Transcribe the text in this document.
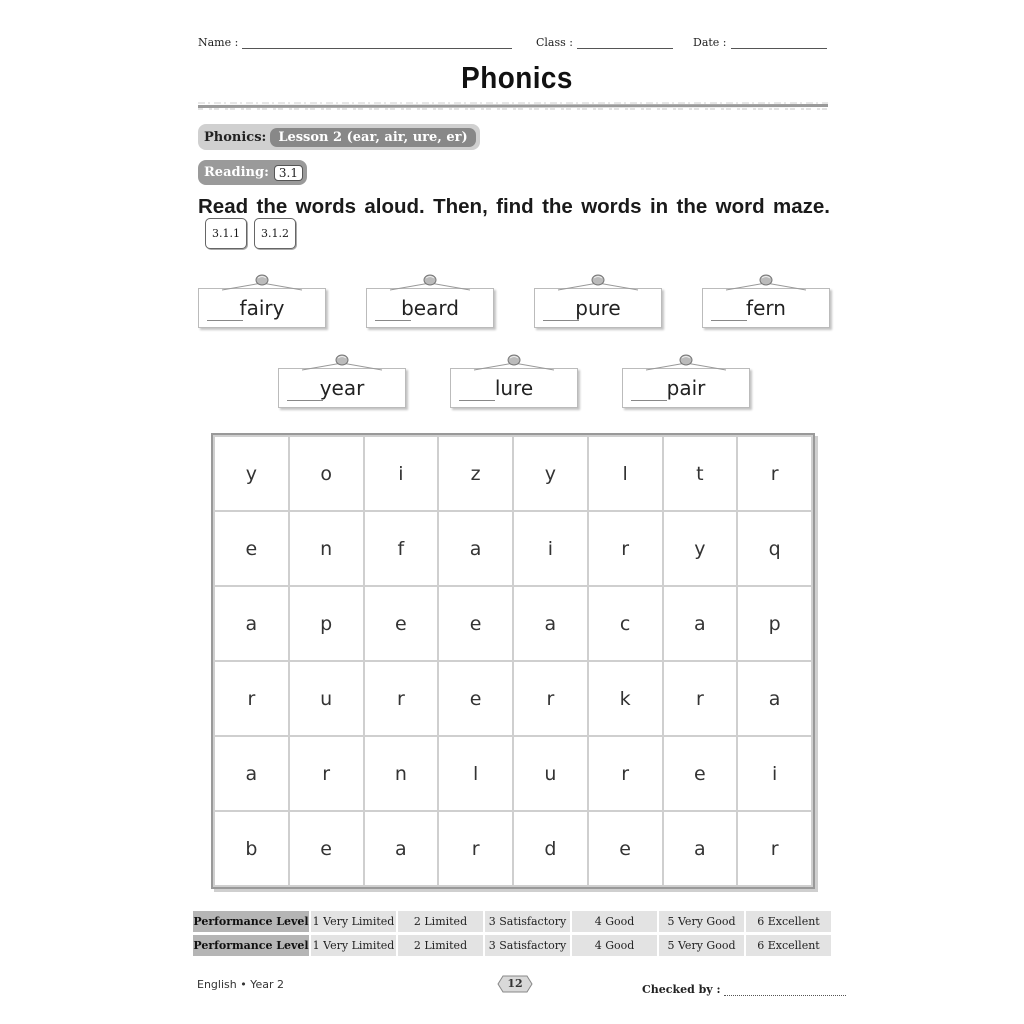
Name :	Class :	Date :
Phonics
Phonics: Lesson 2 (ear, air, ure, er)
Reading: 3.1
Read the words aloud. Then, find the words in the word maze.3.1.1 3.1.2
fairy	beard	pure	fern
year	lure	pair
y	o	i	z	y	l	t	r
e	n	f	a	i	r	y	q
a	p	e	e	a	c	a	p
r	u	r	e	r	k	r	a
a	r	n	l	u	r	e	i
b	e	a	r	d	e	a	r
Performance Level 1 Very Limited	2 Limited	3 Satisfactory	4 Good	5 Very Good	6 Excellent
Performance Level 1 Very Limited	2 Limited	3 Satisfactory	4 Good	5 Very Good	6 Excellent
English • Year 2	12	Checked by :
